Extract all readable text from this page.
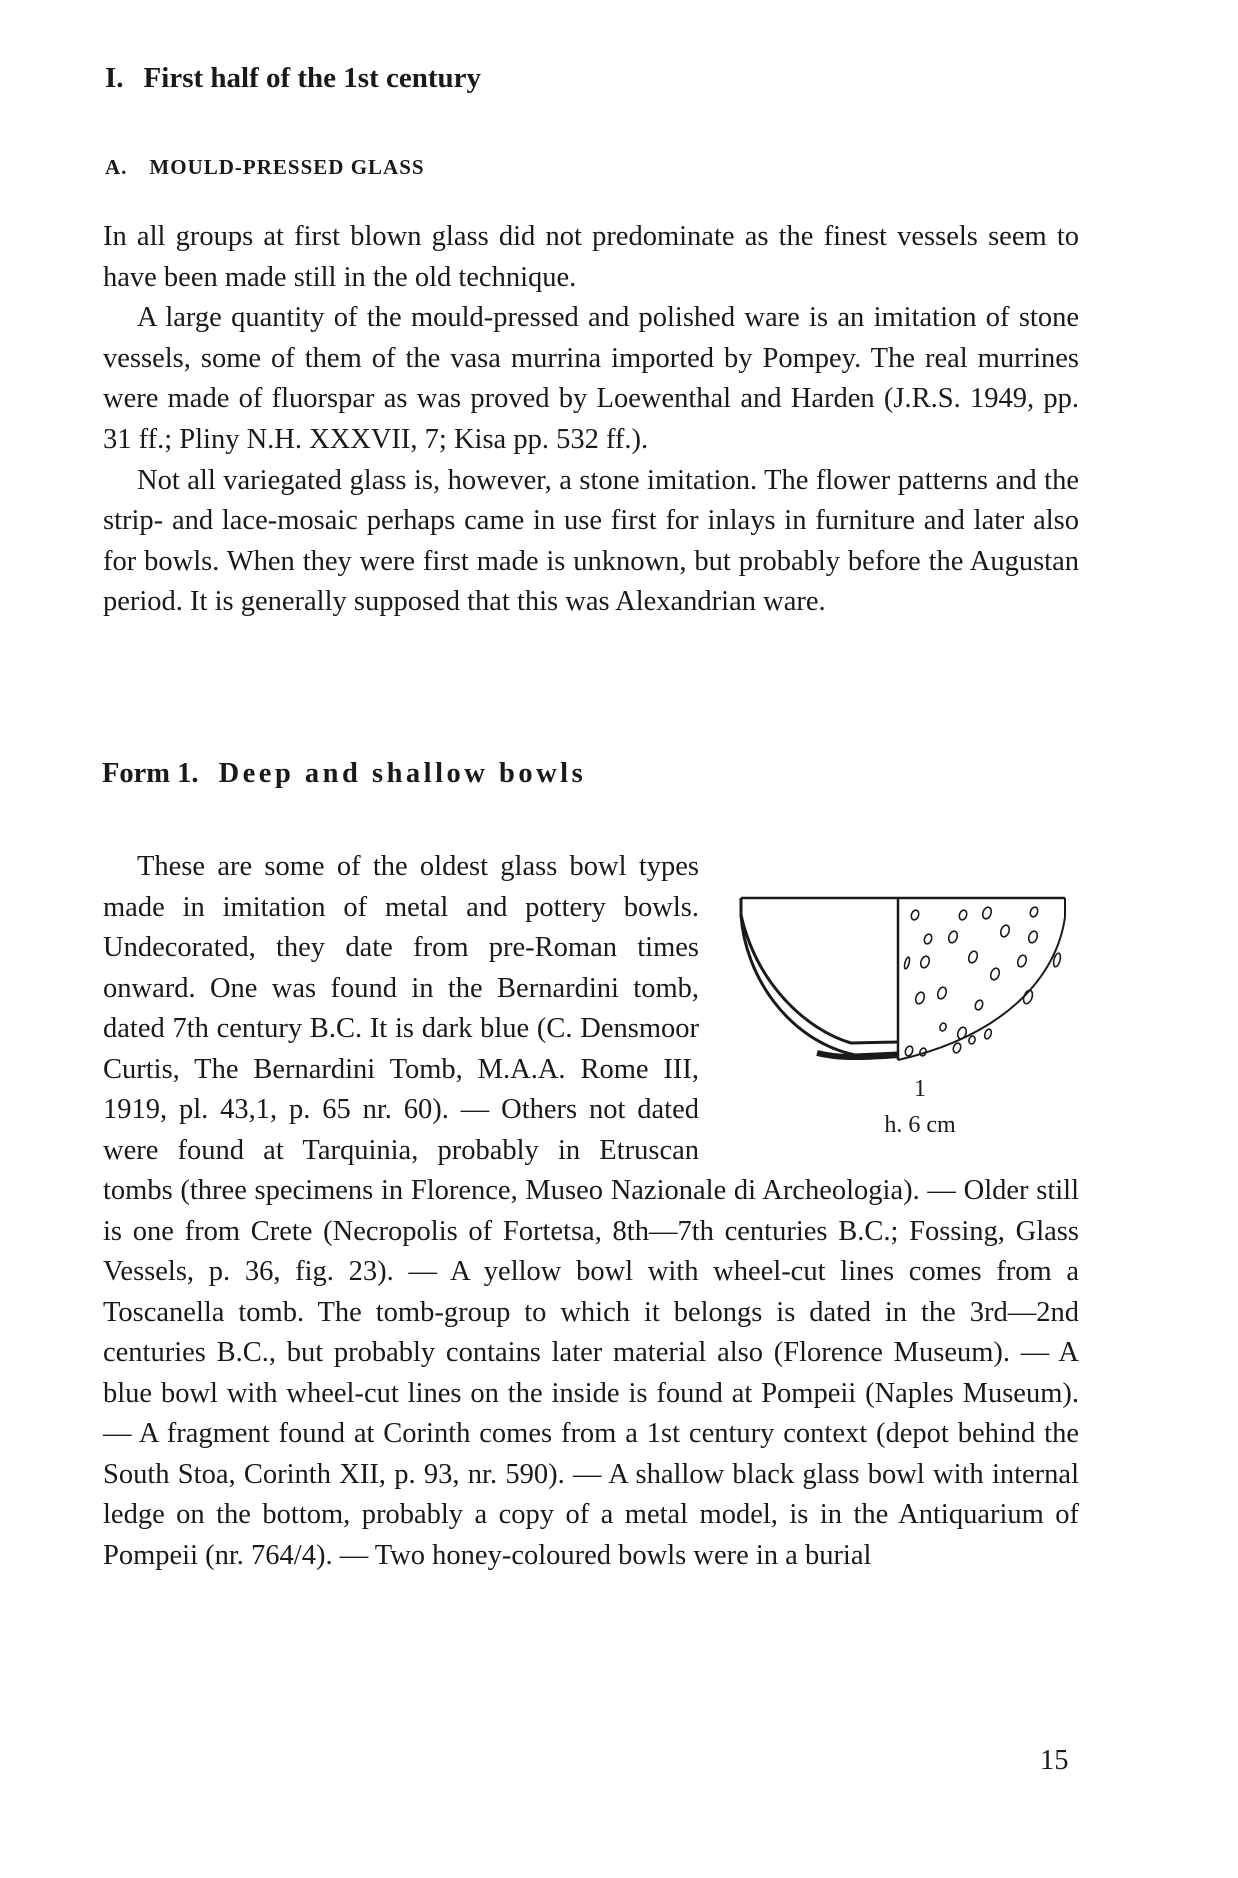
I. First half of the 1st century
A. MOULD-PRESSED GLASS

In all groups at first blown glass did not predominate as the finest vessels seem to have been made still in the old technique.

A large quantity of the mould-pressed and polished ware is an imitation of stone vessels, some of them of the vasa murrina imported by Pompey. The real murrines were made of fluorspar as was proved by Loewenthal and Harden (J.R.S. 1949, pp. 31 ff.; Pliny N.H. XXXVII, 7; Kisa pp. 532 ff.).

Not all variegated glass is, however, a stone imitation. The flower patterns and the strip- and lace-mosaic perhaps came in use first for inlays in furniture and later also for bowls. When they were first made is unknown, but probably before the Augustan period. It is generally supposed that this was Alexandrian ware.

Form 1. Deep and shallow bowls

1

h. 6 cm

These are some of the oldest glass bowl types made in imitation of metal and pottery bowls. Undecorated, they date from pre-Roman times onward. One was found in the Bernardini tomb, dated 7th century B.C. It is dark blue (C. Densmoor Curtis, The Bernardini Tomb, M.A.A. Rome III, 1919, pl. 43,1, p. 65 nr. 60). — Others not dated were found at Tarquinia, probably in Etruscan tombs (three specimens in Florence, Museo Nazionale di Archeologia). — Older still is one from Crete (Necropolis of Fortetsa, 8th—7th centuries B.C.; Fossing, Glass Vessels, p. 36, fig. 23). — A yellow bowl with wheel-cut lines comes from a Toscanella tomb. The tomb-group to which it belongs is dated in the 3rd—2nd centuries B.C., but probably contains later material also (Florence Museum). — A blue bowl with wheel-cut lines on the inside is found at Pompeii (Naples Museum). — A fragment found at Corinth comes from a 1st century context (depot behind the South Stoa, Corinth XII, p. 93, nr. 590). — A shallow black glass bowl with internal ledge on the bottom, probably a copy of a metal model, is in the Antiquarium of Pompeii (nr. 764/4). — Two honey-coloured bowls were in a burial

15
